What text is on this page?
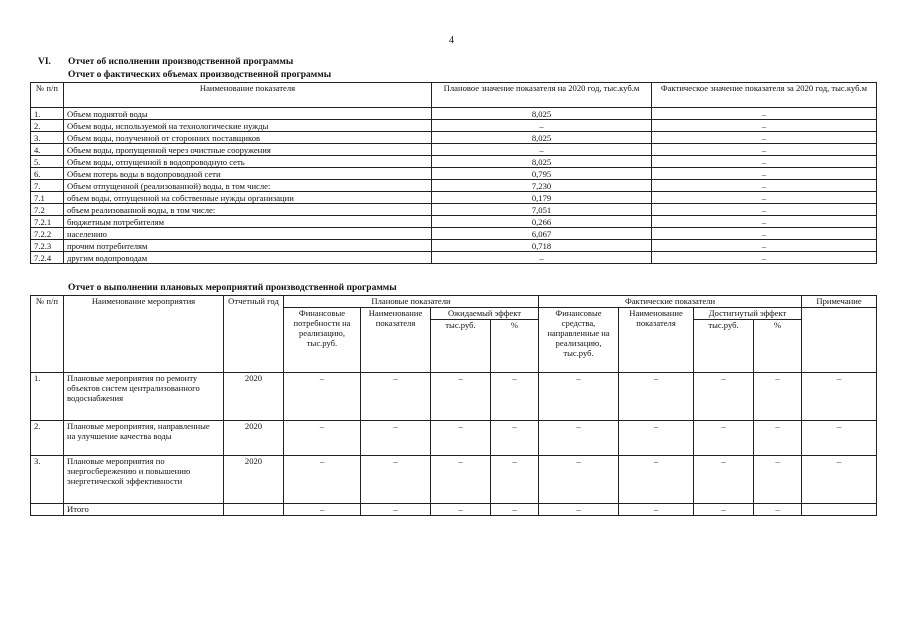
4
VI. Отчет об исполнении производственной программы
Отчет о фактических объемах производственной программы
№ п/п	Наименование показателя	Плановое значение показателя на 2020 год, тыс.куб.м	Фактическое значение показателя за 2020 год, тыс.куб.м
1.	Объем поднятой воды	8,025	–
2.	Объем воды, используемой на технологические нужды	–	–
3.	Объем воды, полученной от сторонних поставщиков	8,025	–
4.	Объем воды, пропущенной через очистные сооружения	–	–
5.	Объем воды, отпущенной в водопроводную сеть	8,025	–
6.	Объем потерь воды в водопроводной сети	0,795	–
7.	Объем отпущенной (реализованной) воды, в том числе:	7,230	–
7.1	объем воды, отпущенной на собственные нужды организации	0,179	–
7.2	объем реализованной воды, в том числе:	7,051	–
7.2.1	бюджетным потребителям	0,266	–
7.2.2	населению	6,067	–
7.2.3	прочим потребителям	0,718	–
7.2.4	другим водопроводам	–	–
Отчет о выполнении плановых мероприятий производственной программы
№ п/п	Наименование мероприятия	Отчетный год	Плановые показатели				Фактические показатели				Примечание
			Финансовые потребности на реализацию, тыс.руб.	Наименование показателя	Ожидаемый эффект		Финансовые средства, направленные на реализацию, тыс.руб.	Наименование показателя	Достигнутый эффект		
					тыс.руб.	%			тыс.руб.	%	
1.	Плановые мероприятия по ремонту объектов систем централизованного водоснабжения	2020	–	–	–	–	–	–	–	–	–
2.	Плановые мероприятия, направленные на улучшение качества воды	2020	–	–	–	–	–	–	–	–	–
3.	Плановые мероприятия по энергосбережению и повышению энергетической эффективности	2020	–	–	–	–	–	–	–	–	–
	Итого		–	–	–	–	–	–	–	–	
